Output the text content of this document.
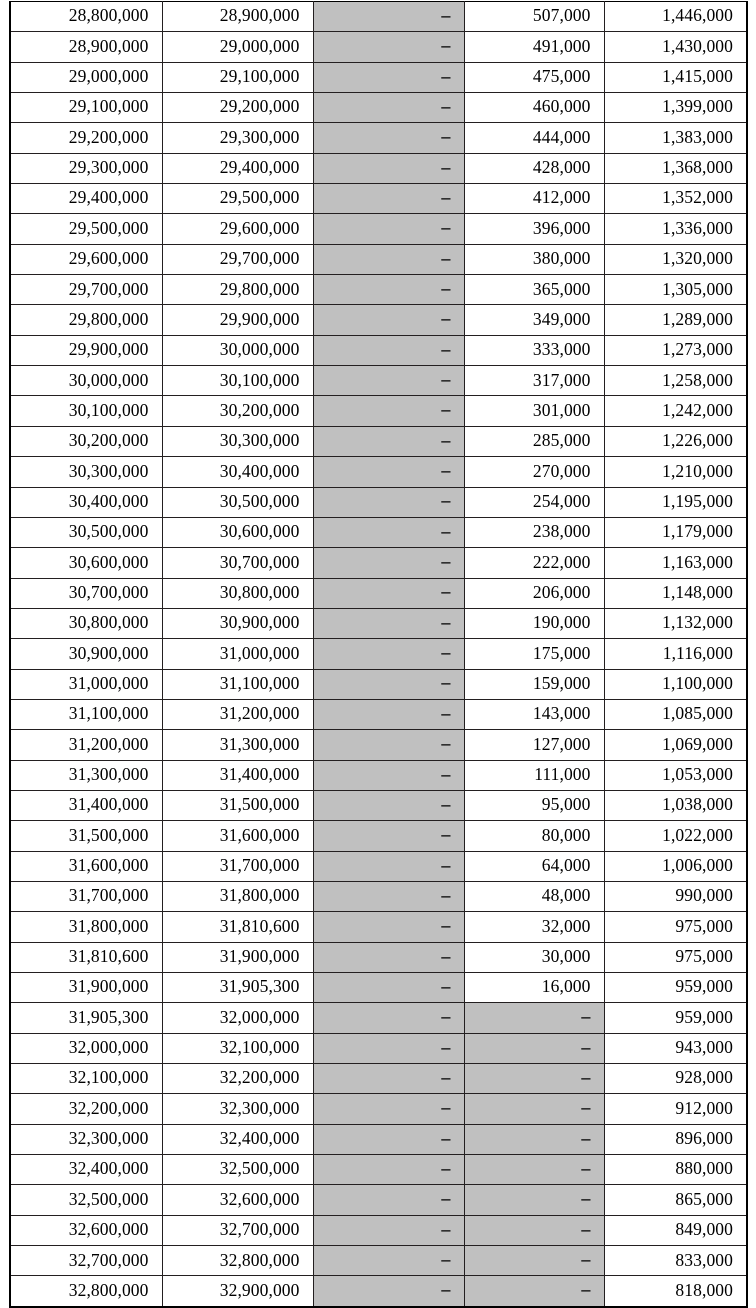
28,800,000	28,900,000	–	507,000	1,446,000
28,900,000	29,000,000	–	491,000	1,430,000
29,000,000	29,100,000	–	475,000	1,415,000
29,100,000	29,200,000	–	460,000	1,399,000
29,200,000	29,300,000	–	444,000	1,383,000
29,300,000	29,400,000	–	428,000	1,368,000
29,400,000	29,500,000	–	412,000	1,352,000
29,500,000	29,600,000	–	396,000	1,336,000
29,600,000	29,700,000	–	380,000	1,320,000
29,700,000	29,800,000	–	365,000	1,305,000
29,800,000	29,900,000	–	349,000	1,289,000
29,900,000	30,000,000	–	333,000	1,273,000
30,000,000	30,100,000	–	317,000	1,258,000
30,100,000	30,200,000	–	301,000	1,242,000
30,200,000	30,300,000	–	285,000	1,226,000
30,300,000	30,400,000	–	270,000	1,210,000
30,400,000	30,500,000	–	254,000	1,195,000
30,500,000	30,600,000	–	238,000	1,179,000
30,600,000	30,700,000	–	222,000	1,163,000
30,700,000	30,800,000	–	206,000	1,148,000
30,800,000	30,900,000	–	190,000	1,132,000
30,900,000	31,000,000	–	175,000	1,116,000
31,000,000	31,100,000	–	159,000	1,100,000
31,100,000	31,200,000	–	143,000	1,085,000
31,200,000	31,300,000	–	127,000	1,069,000
31,300,000	31,400,000	–	111,000	1,053,000
31,400,000	31,500,000	–	95,000	1,038,000
31,500,000	31,600,000	–	80,000	1,022,000
31,600,000	31,700,000	–	64,000	1,006,000
31,700,000	31,800,000	–	48,000	990,000
31,800,000	31,810,600	–	32,000	975,000
31,810,600	31,900,000	–	30,000	975,000
31,900,000	31,905,300	–	16,000	959,000
31,905,300	32,000,000	–	–	959,000
32,000,000	32,100,000	–	–	943,000
32,100,000	32,200,000	–	–	928,000
32,200,000	32,300,000	–	–	912,000
32,300,000	32,400,000	–	–	896,000
32,400,000	32,500,000	–	–	880,000
32,500,000	32,600,000	–	–	865,000
32,600,000	32,700,000	–	–	849,000
32,700,000	32,800,000	–	–	833,000
32,800,000	32,900,000	–	–	818,000
